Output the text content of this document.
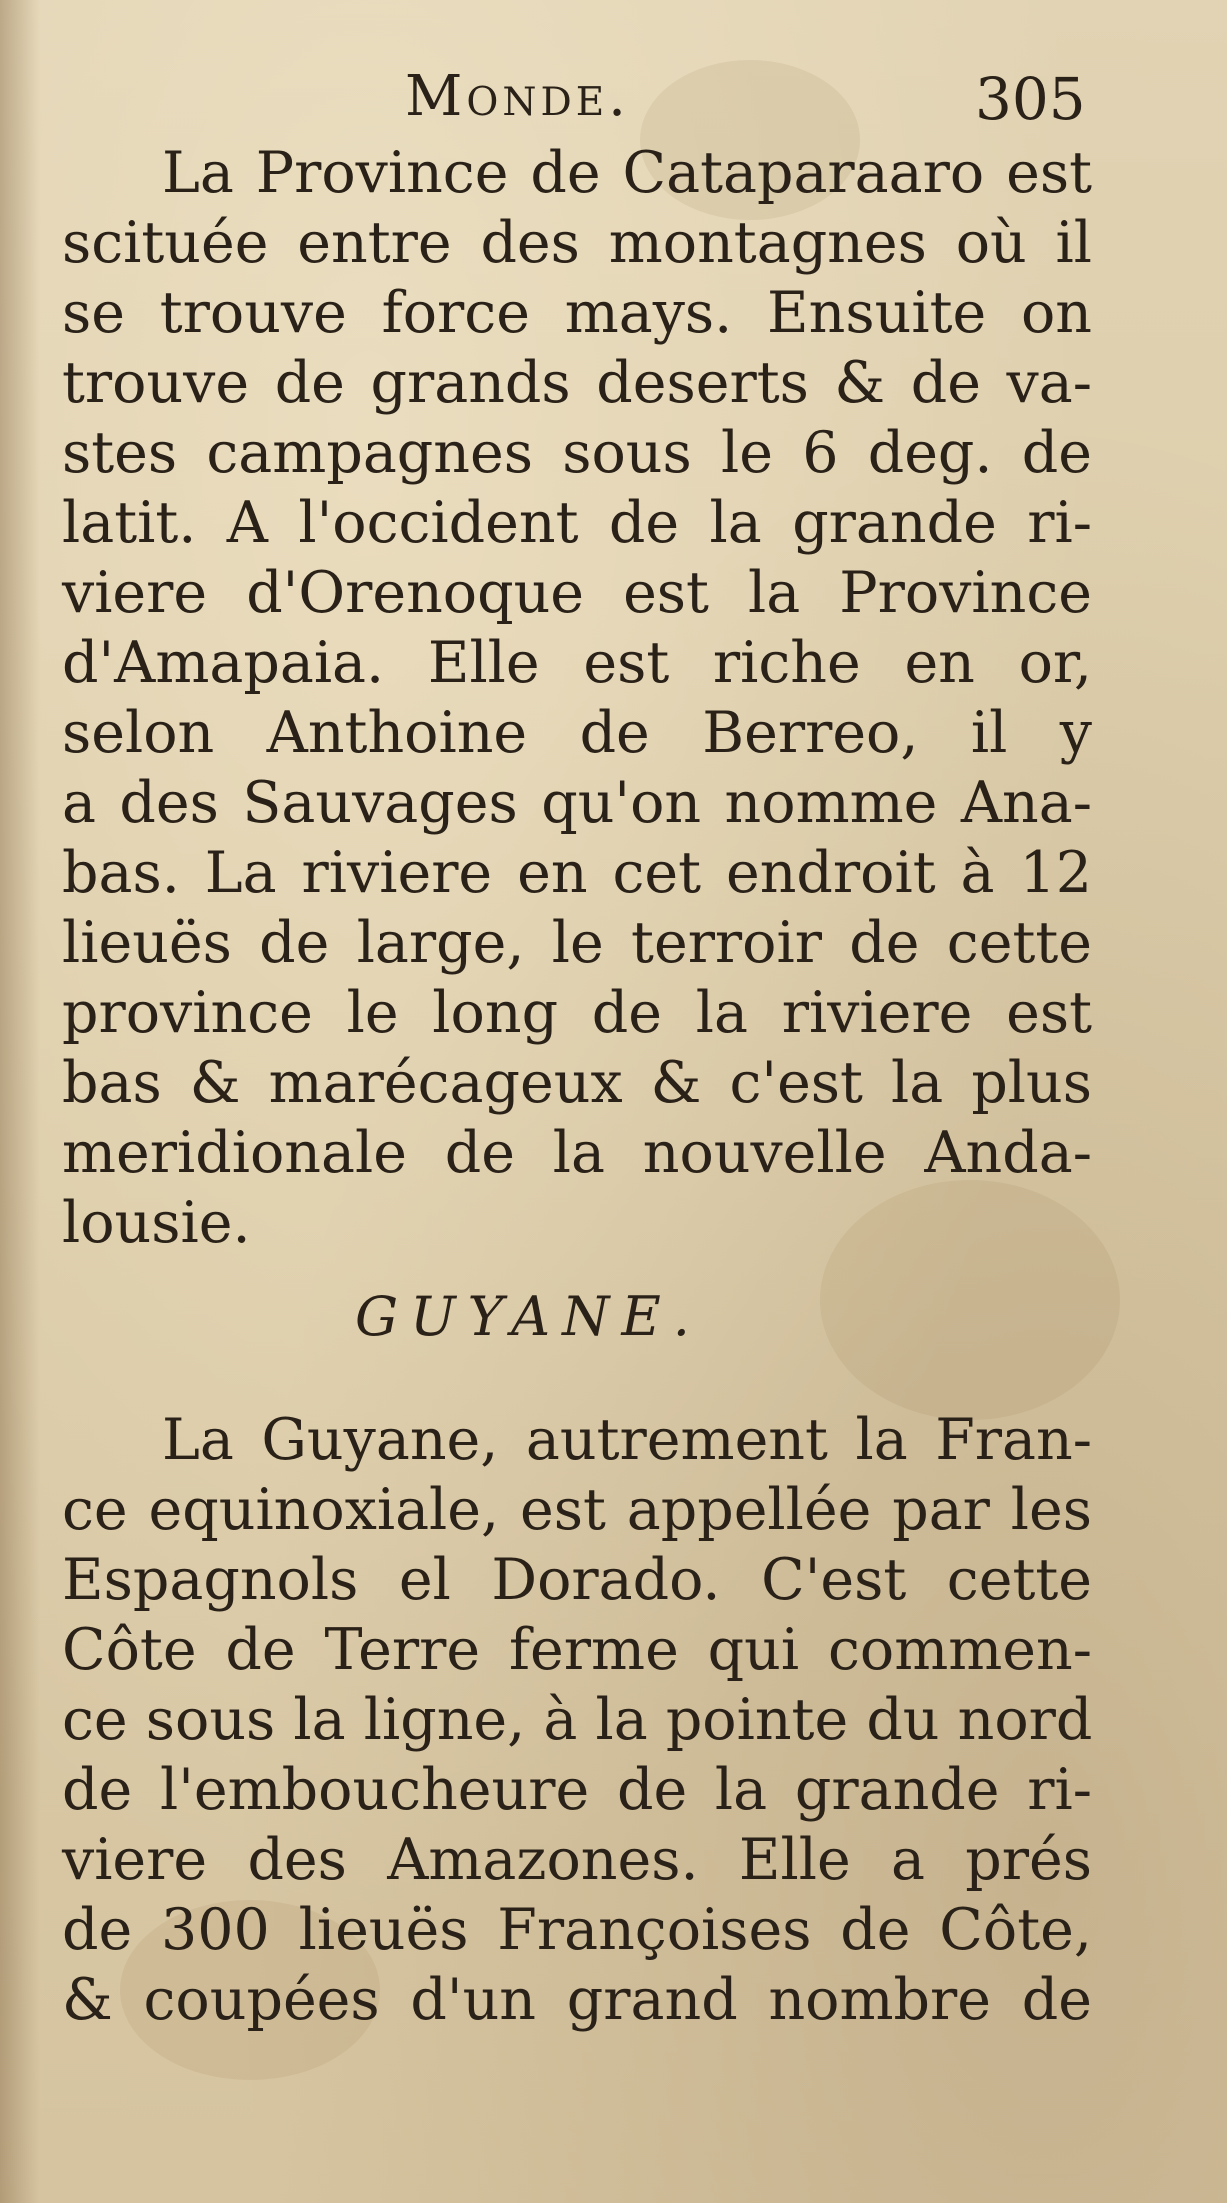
Monde.	305
La Province de Cataparaaro est
scituée entre des montagnes où il
se trouve force mays. Ensuite on
trouve de grands deserts & de va-
stes campagnes sous le 6 deg. de
latit. A l'occident de la grande ri-
viere d'Orenoque est la Province
d'Amapaia. Elle est riche en or,
selon Anthoine de Berreo, il y
a des Sauvages qu'on nomme Ana-
bas. La riviere en cet endroit à 12
lieuës de large, le terroir de cette
province le long de la riviere est
bas & marécageux & c'est la plus
meridionale de la nouvelle Anda-
lousie.
GUYANE.
La Guyane, autrement la Fran-
ce equinoxiale, est appellée par les
Espagnols el Dorado. C'est cette
Côte de Terre ferme qui commen-
ce sous la ligne, à la pointe du nord
de l'emboucheure de la grande ri-
viere des Amazones. Elle a prés
de 300 lieuës Françoises de Côte,
& coupées d'un grand nombre de
